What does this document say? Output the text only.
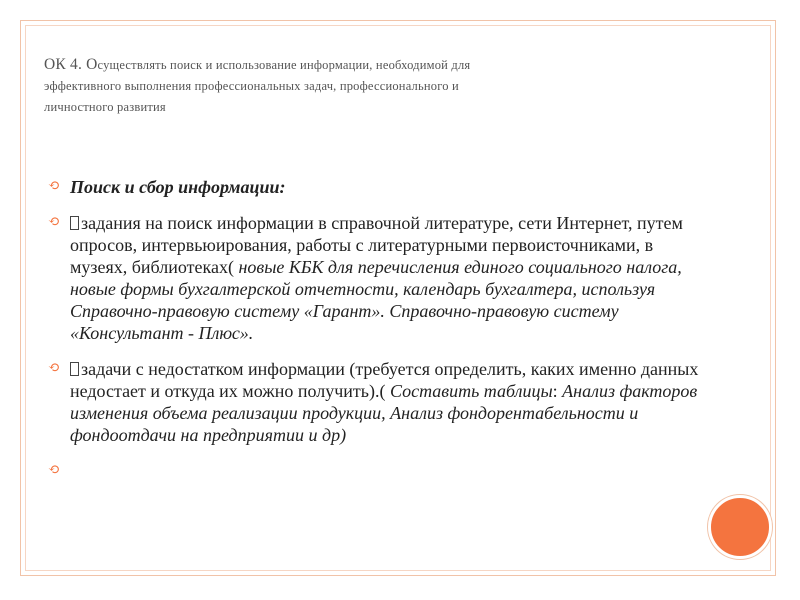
ОК 4. Осуществлять поиск и использование информации, необходимой для
эффективного выполнения профессиональных задач, профессионального и
личностного развития
⟲ Поиск и сбор информации:
⟲ задания на поиск информации в справочной литературе, сети Интернет, путем опросов, интервьюирования, работы с литературными первоисточниками, в музеях, библиотеках( новые КБК для перечисления единого социального налога, новые формы бухгалтерской отчетности, календарь бухгалтера, используя Справочно-правовую систему «Гарант». Справочно-правовую систему «Консультант - Плюс».
⟲ задачи с недостатком информации (требуется определить, каких именно данных недостает и откуда их можно получить).( Составить таблицы: Анализ факторов изменения объема реализации продукции, Анализ фондорентабельности и фондоотдачи на предприятии и др)
⟲
